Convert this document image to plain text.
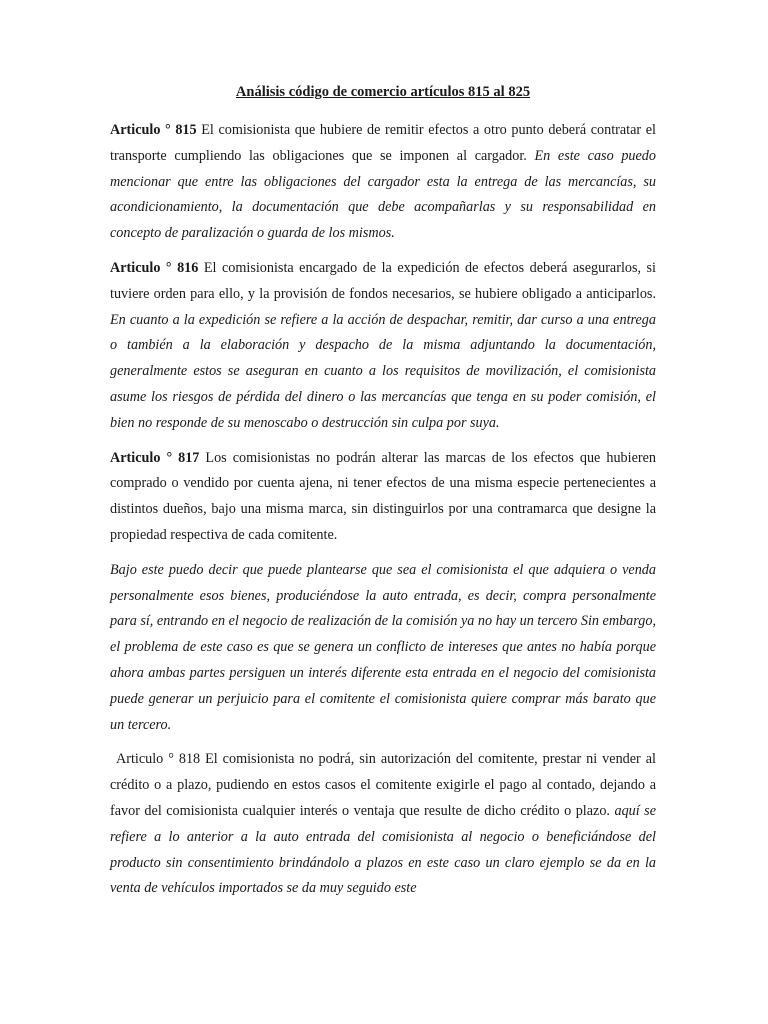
Análisis código de comercio artículos 815 al 825

Articulo ° 815 El comisionista que hubiere de remitir efectos a otro punto deberá contratar el transporte cumpliendo las obligaciones que se imponen al cargador. En este caso puedo mencionar que entre las obligaciones del cargador esta la entrega de las mercancías, su acondicionamiento, la documentación que debe acompañarlas y su responsabilidad en concepto de paralización o guarda de los mismos.

Articulo ° 816 El comisionista encargado de la expedición de efectos deberá asegurarlos, si tuviere orden para ello, y la provisión de fondos necesarios, se hubiere obligado a anticiparlos. En cuanto a la expedición se refiere a la acción de despachar, remitir, dar curso a una entrega o también a la elaboración y despacho de la misma adjuntando la documentación, generalmente estos se aseguran en cuanto a los requisitos de movilización, el comisionista asume los riesgos de pérdida del dinero o las mercancías que tenga en su poder comisión, el bien no responde de su menoscabo o destrucción sin culpa por suya.

Articulo ° 817 Los comisionistas no podrán alterar las marcas de los efectos que hubieren comprado o vendido por cuenta ajena, ni tener efectos de una misma especie pertenecientes a distintos dueños, bajo una misma marca, sin distinguirlos por una contramarca que designe la propiedad respectiva de cada comitente.

Bajo este puedo decir que puede plantearse que sea el comisionista el que adquiera o venda personalmente esos bienes, produciéndose la auto entrada, es decir, compra personalmente para sí, entrando en el negocio de realización de la comisión ya no hay un tercero Sin embargo, el problema de este caso es que se genera un conflicto de intereses que antes no había porque ahora ambas partes persiguen un interés diferente esta entrada en el negocio del comisionista puede generar un perjuicio para el comitente el comisionista quiere comprar más barato que un tercero.

Articulo ° 818 El comisionista no podrá, sin autorización del comitente, prestar ni vender al crédito o a plazo, pudiendo en estos casos el comitente exigirle el pago al contado, dejando a favor del comisionista cualquier interés o ventaja que resulte de dicho crédito o plazo. aquí se refiere a lo anterior a la auto entrada del comisionista al negocio o beneficiándose del producto sin consentimiento brindándolo a plazos en este caso un claro ejemplo se da en la venta de vehículos importados se da muy seguido este
